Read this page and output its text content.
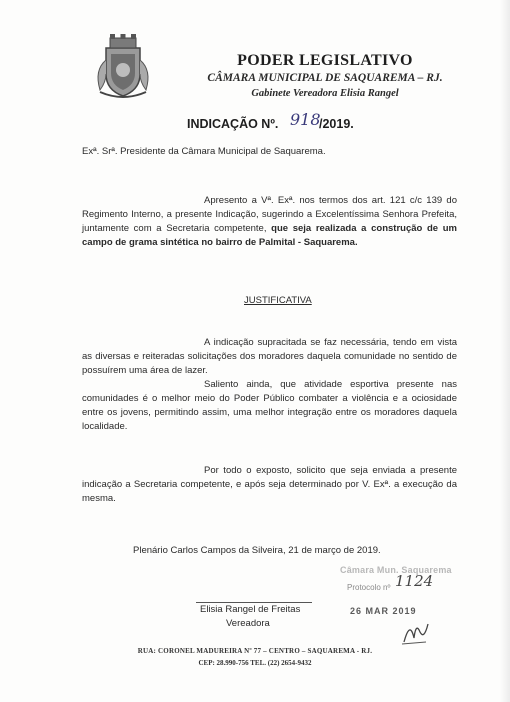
PODER LEGISLATIVO
CÂMARA MUNICIPAL DE SAQUAREMA – RJ.
Gabinete Vereadora Elisia Rangel
INDICAÇÃO Nº. 918
/2019.
Exª. Srª. Presidente da Câmara Municipal de Saquarema.
Apresento a Vª. Exª. nos termos dos art. 121 c/c 139 do Regimento Interno, a presente Indicação, sugerindo a Excelentíssima Senhora Prefeita, juntamente com a Secretaria competente, que seja realizada a construção de um campo de grama sintética no bairro de Palmital - Saquarema.
JUSTIFICATIVA
A indicação supracitada se faz necessária, tendo em vista as diversas e reiteradas solicitações dos moradores daquela comunidade no sentido de possuírem uma área de lazer.
Saliento ainda, que atividade esportiva presente nas comunidades é o melhor meio do Poder Público combater a violência e a ociosidade entre os jovens, permitindo assim, uma melhor integração entre os moradores daquela localidade.
Por todo o exposto, solicito que seja enviada a presente indicação a Secretaria competente, e após seja determinado por V. Exª. a execução da mesma.
Plenário Carlos Campos da Silveira, 21 de março de 2019.
Elisia Rangel de Freitas
Vereadora
Câmara Mun. Saquarema
Protocolo nº 1124
26 MAR 2019
RUA: CORONEL MADUREIRA Nº 77 – CENTRO – SAQUAREMA - RJ.
CEP: 28.990-756 TEL. (22) 2654-9432
